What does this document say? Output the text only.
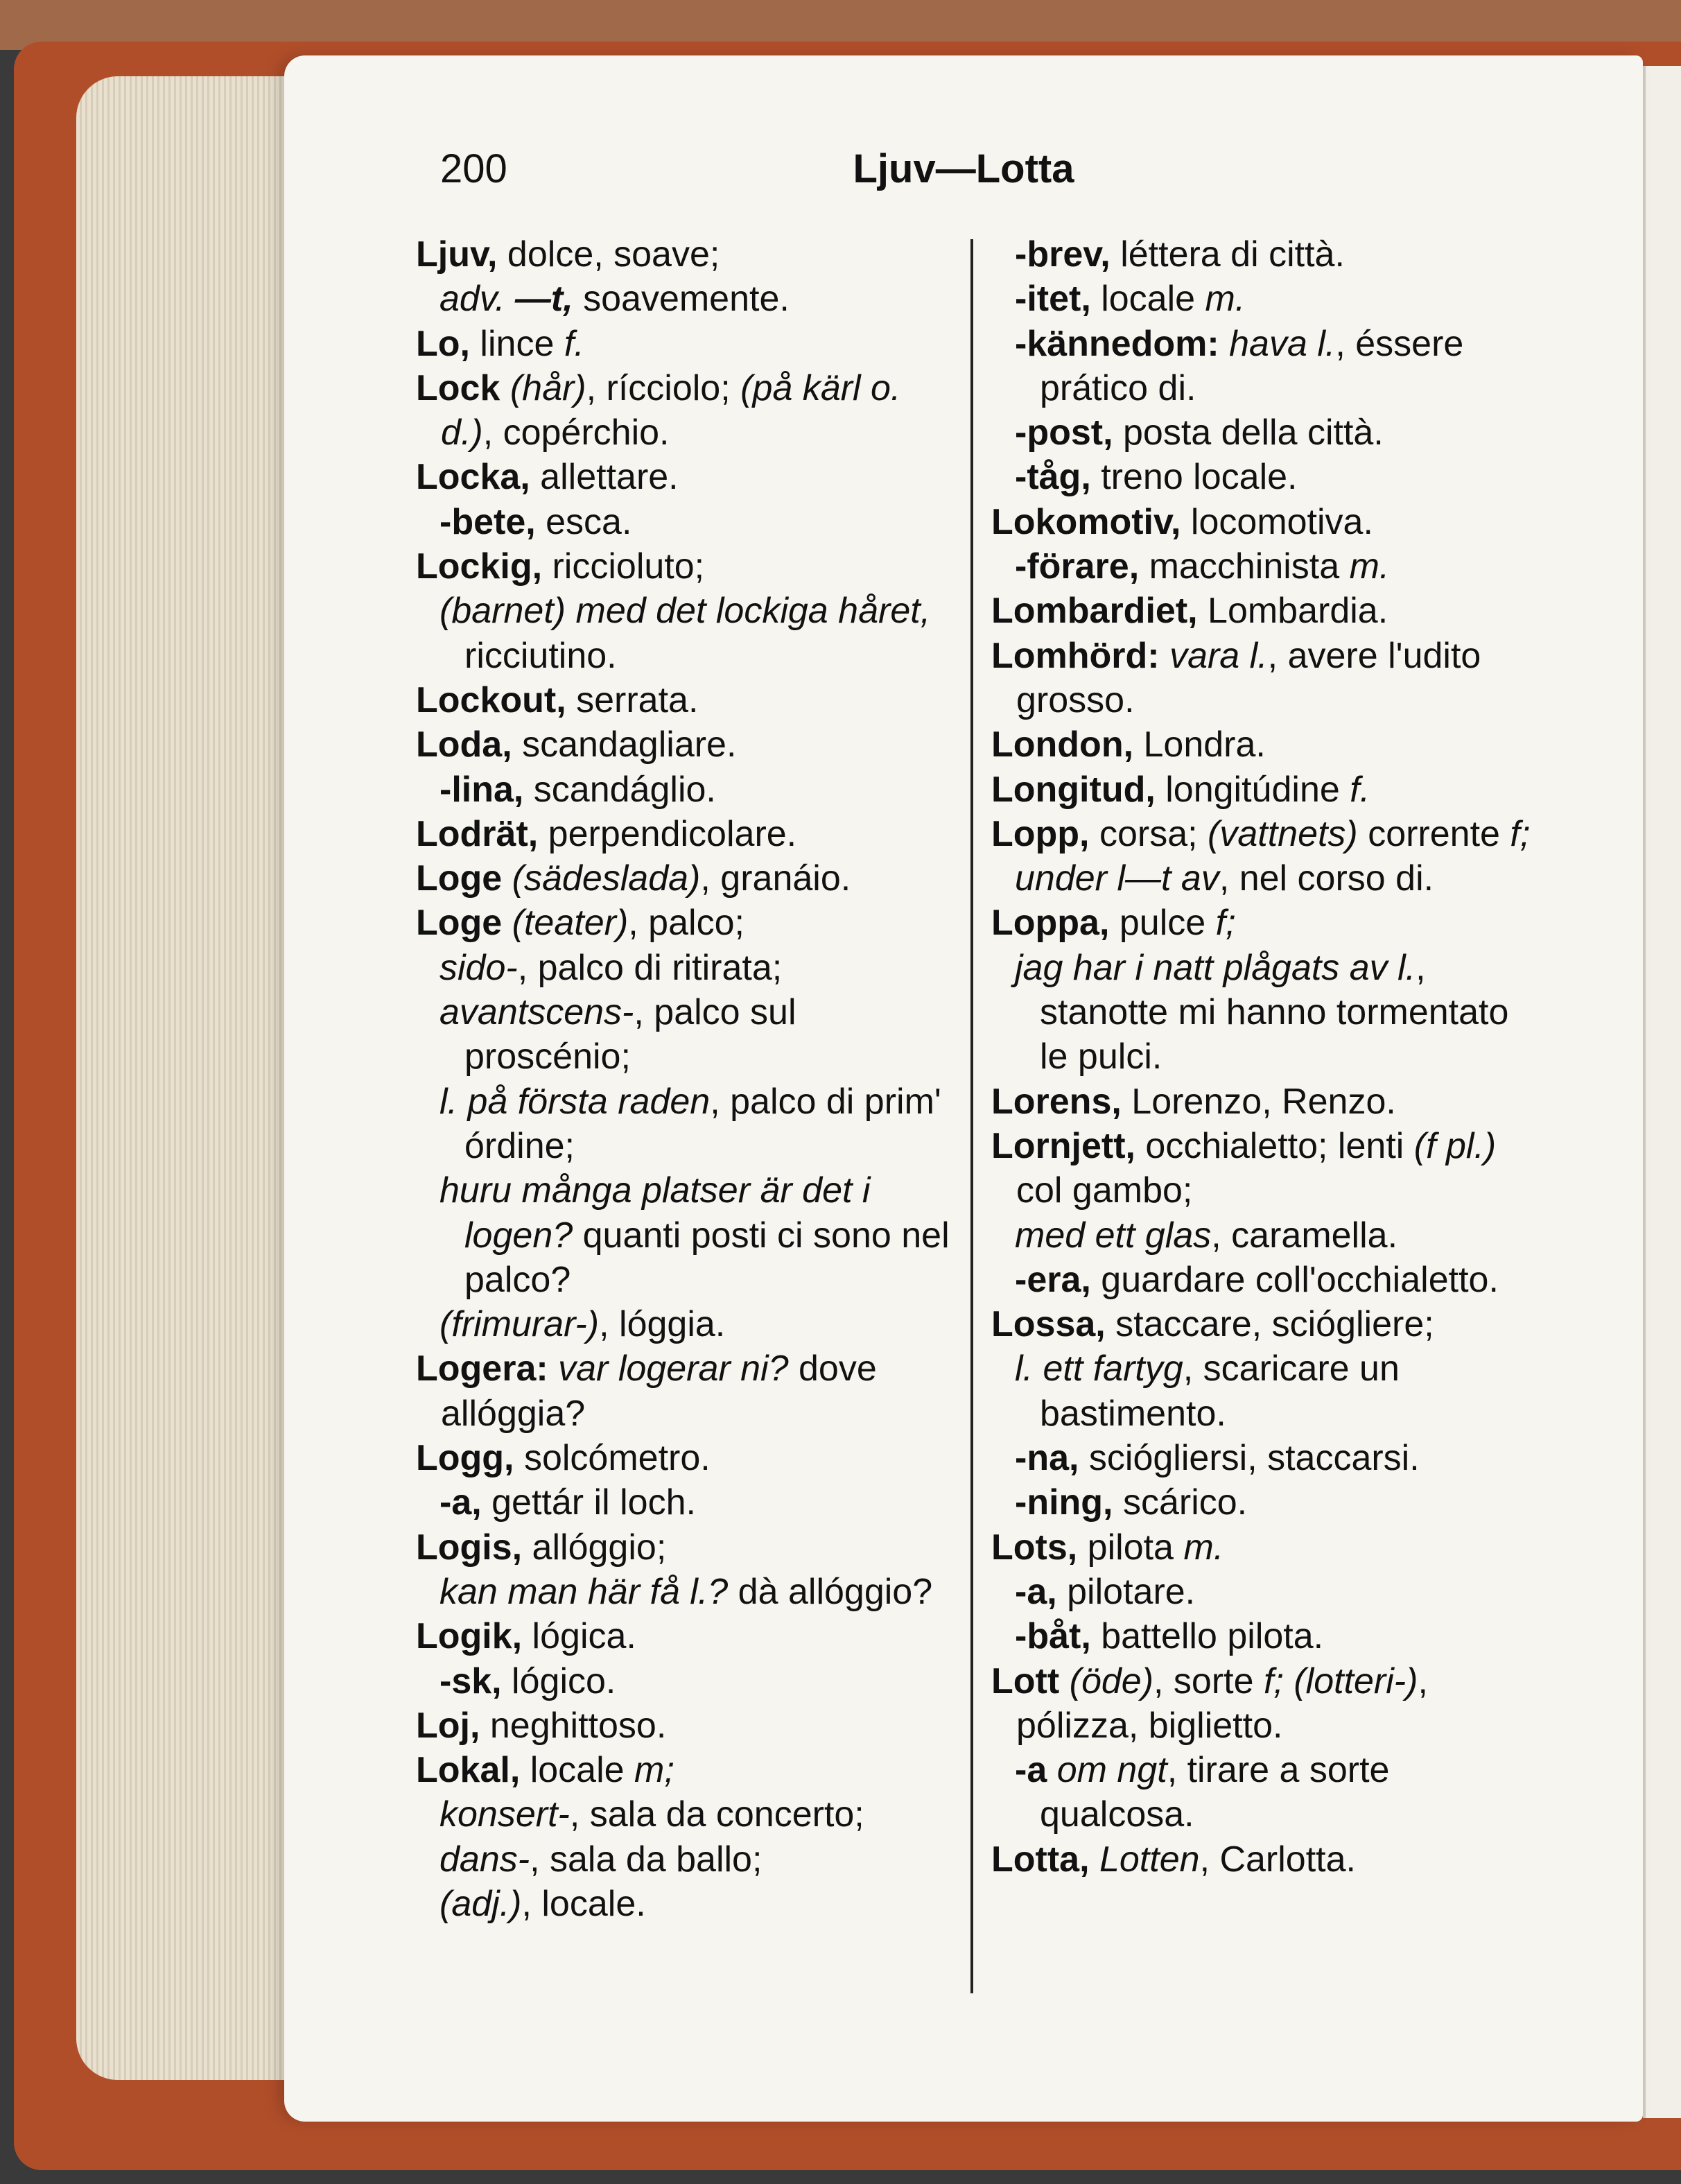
Ljuv—Lotta
200

Ljuv, dolce, soave;

adv. —t, soavemente.

Lo, lince f.

Lock (hår), rícciolo; (på kärl o. d.), copérchio.

Locka, allettare.

-bete, esca.

Lockig, riccioluto;

(barnet) med det lockiga håret, ricciutino.

Lockout, serrata.

Loda, scandagliare.

-lina, scandáglio.

Lodrät, perpendicolare.

Loge (sädeslada), granáio.

Loge (teater), palco;

sido-, palco di ritirata;

avantscens-, palco sul proscénio;

l. på första raden, palco di prim' órdine;

huru många platser är det i logen? quanti posti ci sono nel palco?

(frimurar-), lóggia.

Logera: var logerar ni? dove allóggia?

Logg, solcómetro.

-a, gettár il loch.

Logis, allóggio;

kan man här få l.? dà allóggio?

Logik, lógica.

-sk, lógico.

Loj, neghittoso.

Lokal, locale m;

konsert-, sala da concerto;

dans-, sala da ballo;

(adj.), locale.

-brev, léttera di città.

-itet, locale m.

-kännedom: hava l., éssere prático di.

-post, posta della città.

-tåg, treno locale.

Lokomotiv, locomotiva.

-förare, macchinista m.

Lombardiet, Lombardia.

Lomhörd: vara l., avere l'udito grosso.

London, Londra.

Longitud, longitúdine f.

Lopp, corsa; (vattnets) corrente f;

under l—t av, nel corso di.

Loppa, pulce f;

jag har i natt plågats av l., stanotte mi hanno tormentato le pulci.

Lorens, Lorenzo, Renzo.

Lornjett, occhialetto; lenti (f pl.) col gambo;

med ett glas, caramella.

-era, guardare coll'occhialetto.

Lossa, staccare, sciógliere;

l. ett fartyg, scaricare un bastimento.

-na, sciógliersi, staccarsi.

-ning, scárico.

Lots, pilota m.

-a, pilotare.

-båt, battello pilota.

Lott (öde), sorte f; (lotteri-), pólizza, biglietto.

-a om ngt, tirare a sorte qualcosa.

Lotta, Lotten, Carlotta.
